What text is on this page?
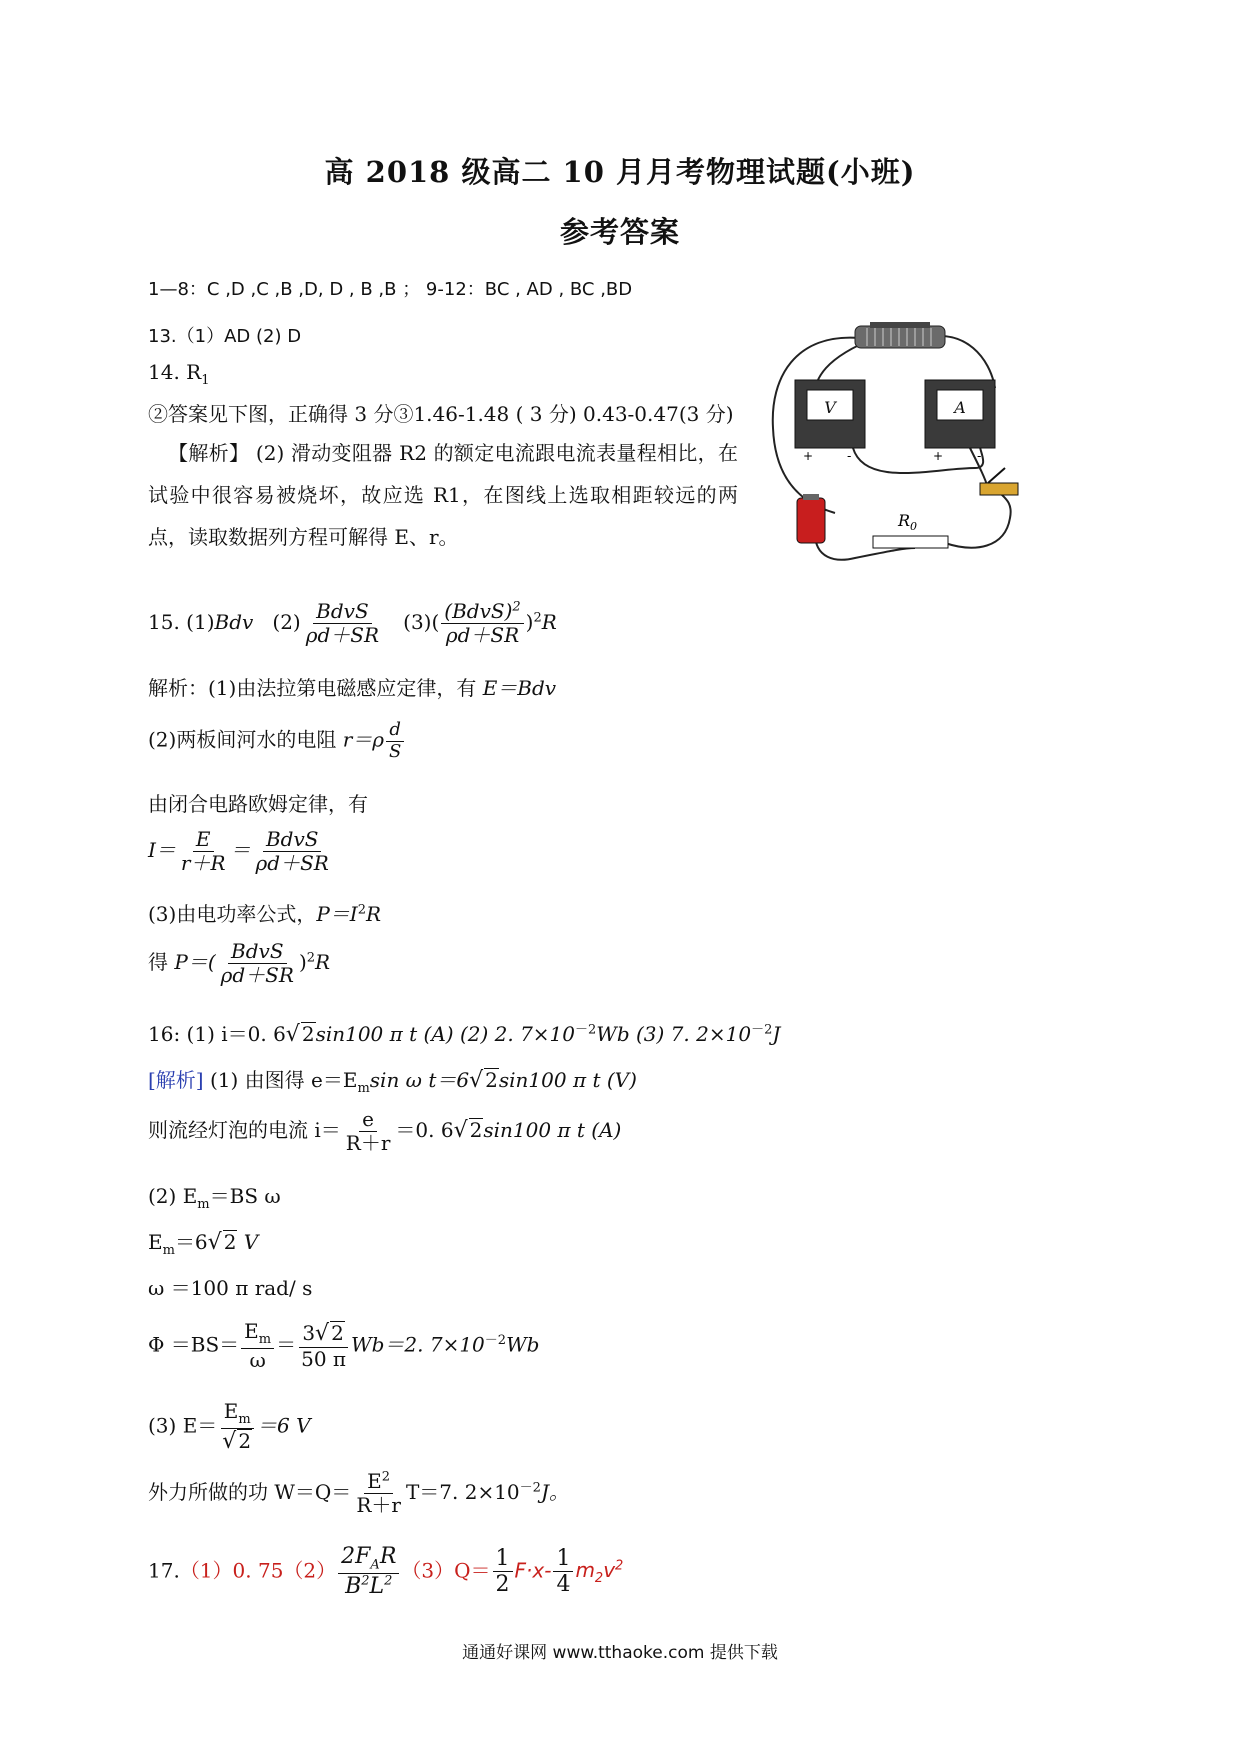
高 2018 级高二 10 月月考物理试题(小班)
参考答案
1—8：C ,D ,C ,B ,D, D , B ,B ； 9-12：BC , AD , BC ,BD
13.（1）AD (2) D
14. $R_1$
②答案见下图，正确得 3 分③1.46-1.48 ( 3 分) 0.43-0.47(3 分)
【解析】 (2) 滑动变阻器 R2 的额定电流跟电流表量程相比，在试验中很容易被烧坏，故应选 R1，在图线上选取相距较远的两点，读取数据列方程可解得 E、r。
V
+	-
A
+	-
$R_0$
15. (1)Bdv $(2) \frac{\text{BdvS}}{\rho d+SR} (3)( \frac{(BdvS)^2}{\rho d+SR} )^2R$
解析：(1)由法拉第电磁感应定律，有 E＝Bdv
(2)两板间河水的电阻 $r=\rho \frac{d}{S}$
由闭合电路欧姆定律，有
$I= \frac{E}{r+R} = \frac{\text{BdvS}}{\rho d+SR}$
(3)由电功率公式，$P=I^2R$
得 $P=( \frac{\text{BdvS}}{\rho d+SR} )^2R$
16: (1) i＝0. 6√ 2sin100 π t (A) (2) 2. $7\times 10^{-2}Wb$ (3) 7. $2\times 10^{-2}J$
[解析] (1) 由图得 $e=E_m\sin$ ω t＝6√ 2sin100 π t (V)
则流经灯泡的电流 $i= \frac{e}{R+r} =0$. 6√ 2sin100 π t (A)
(2) $E_m=BS$ ω
$E_m=6√$ 2 V
ω ＝100 π rad/ s
$\Phi =BS= \frac{E_m}{\omega} = \frac{3√ 2}{50 \pi} Wb=2$. $7\times 10^{-2}Wb$
(3) $E= \frac{E_m}{√ 2} =6$ V
外力所做的功 $W=Q= \frac{E^2}{R+r} T=7$. $2\times 10^{-2}J$。
17.（1）0. $75(2) \frac{2F_AR}{B^2L^2} (3)Q= \frac{1}{2} F\cdot x- \frac{1}{4} m_2v^2$
通通好课网 www.tthaoke.com 提供下载
